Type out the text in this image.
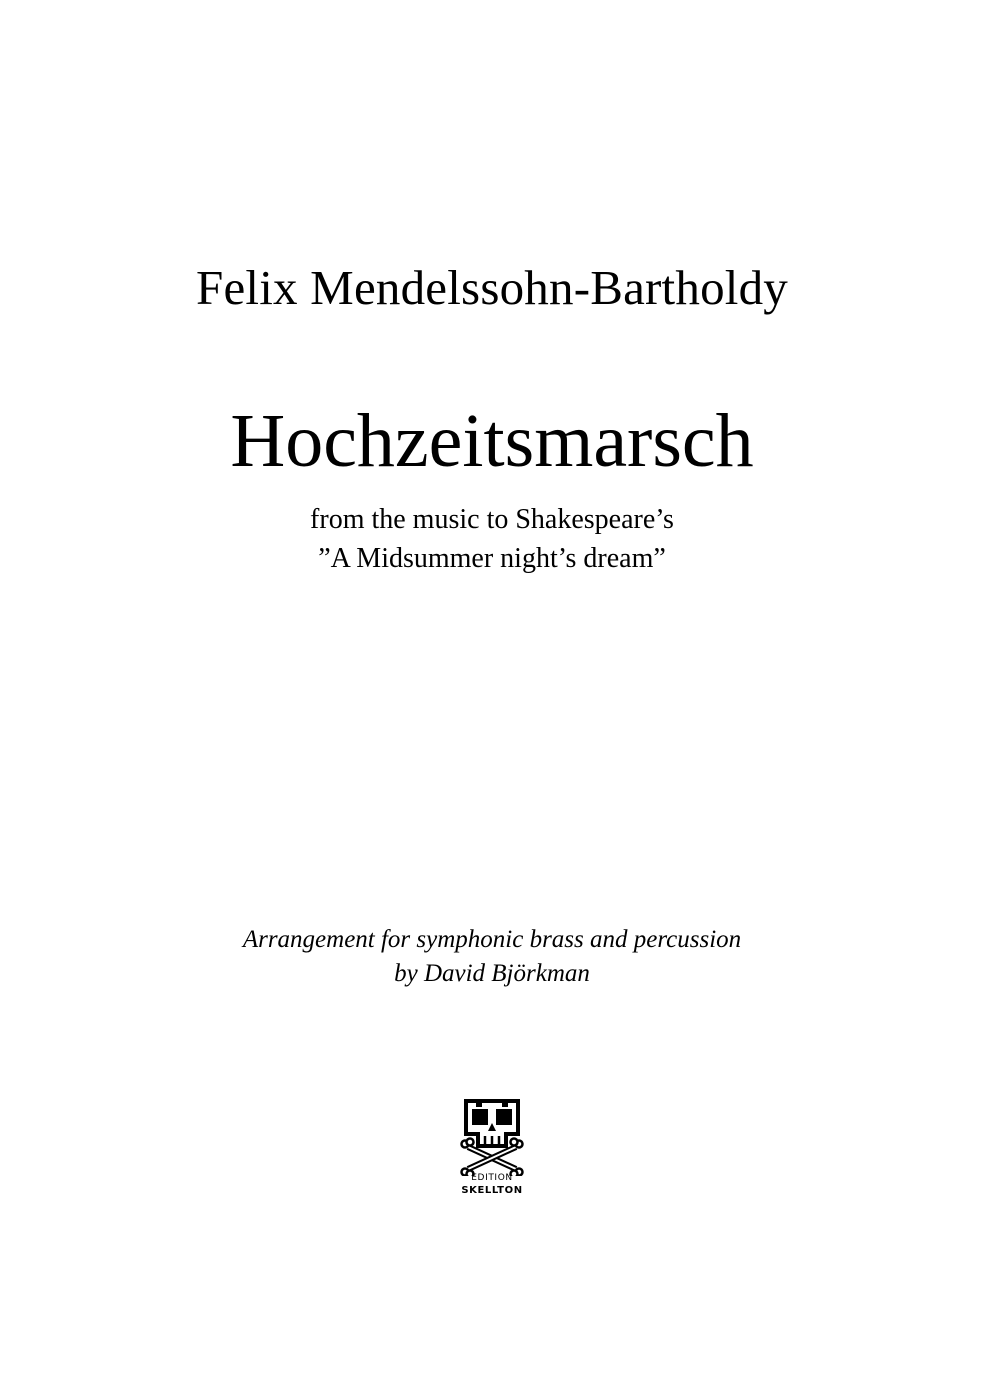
Felix Mendelssohn-Bartholdy

Hochzeitsmarsch

from the music to Shakespeare’s

”A Midsummer night’s dream”

Arrangement for symphonic brass and percussion

by David Björkman

EDITION
SKELLTON
